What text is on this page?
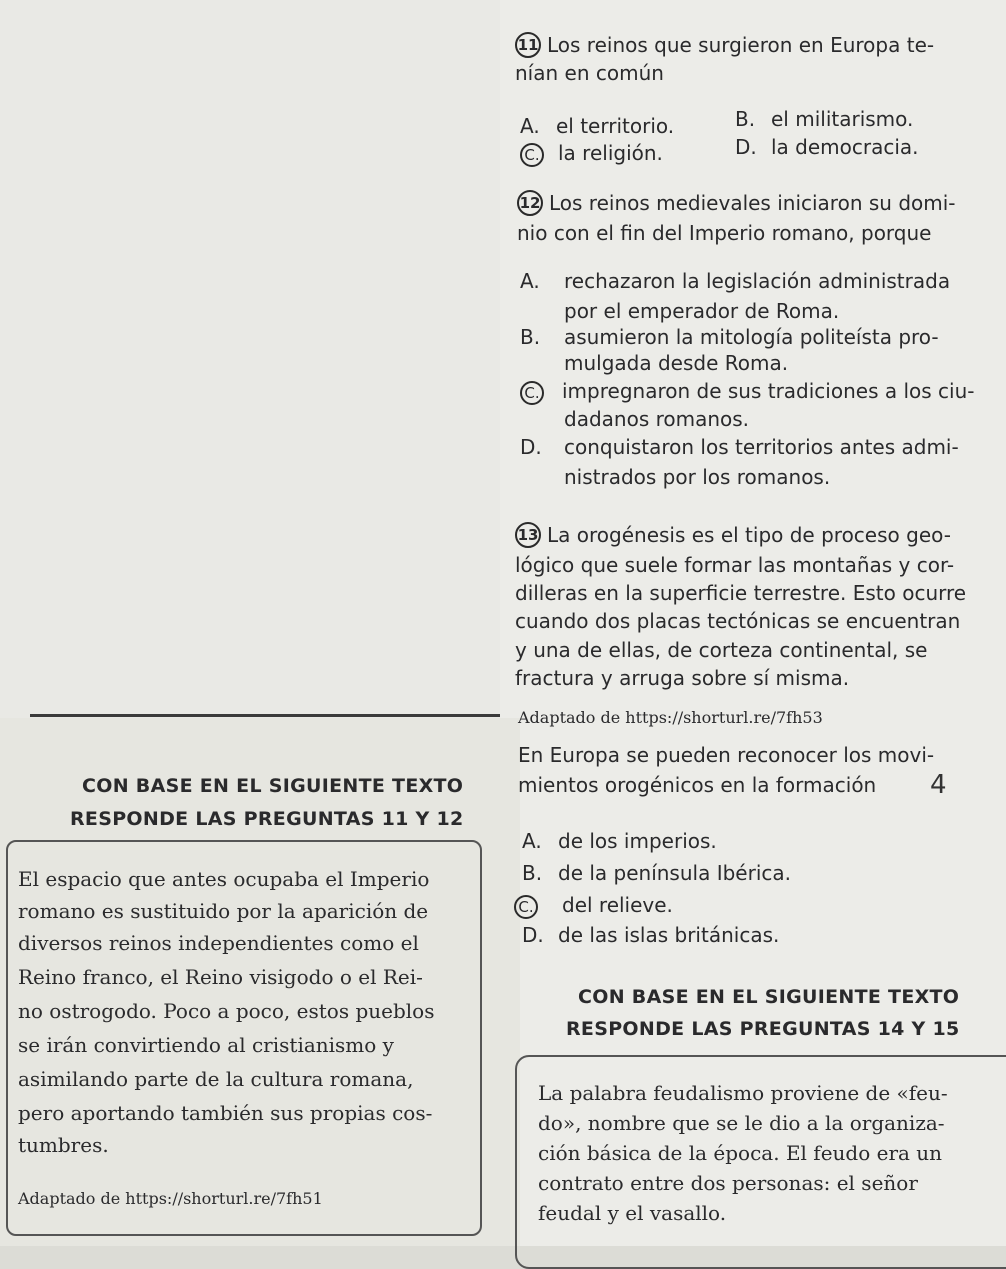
11 Los reinos que surgieron en Europa te-
nían en común
A. el territorio.	B. el militarismo.
C. la religión.	D. la democracia.
12 Los reinos medievales iniciaron su domi-
nio con el fin del Imperio romano, porque
A. rechazaron la legislación administrada
por el emperador de Roma.
B. asumieron la mitología politeísta pro-
mulgada desde Roma.
C. impregnaron de sus tradiciones a los ciu-
dadanos romanos.
D. conquistaron los territorios antes admi-
nistrados por los romanos.
13 La orogénesis es el tipo de proceso geo-
lógico que suele formar las montañas y cor-
dilleras en la superficie terrestre. Esto ocurre
cuando dos placas tectónicas se encuentran
y una de ellas, de corteza continental, se
fractura y arruga sobre sí misma.
Adaptado de https://shorturl.re/7fh53
En Europa se pueden reconocer los movi-
mientos orogénicos en la formación 4
A. de los imperios.
B. de la península Ibérica.
C. del relieve.
D. de las islas británicas.
CON BASE EN EL SIGUIENTE TEXTO
RESPONDE LAS PREGUNTAS 11 Y 12
El espacio que antes ocupaba el Imperio
romano es sustituido por la aparición de
diversos reinos independientes como el
Reino franco, el Reino visigodo o el Rei-
no ostrogodo. Poco a poco, estos pueblos
se irán convirtiendo al cristianismo y
asimilando parte de la cultura romana,
pero aportando también sus propias cos-
tumbres.
Adaptado de https://shorturl.re/7fh51
CON BASE EN EL SIGUIENTE TEXTO
RESPONDE LAS PREGUNTAS 14 Y 15
La palabra feudalismo proviene de «feu-
do», nombre que se le dio a la organiza-
ción básica de la época. El feudo era un
contrato entre dos personas: el señor
feudal y el vasallo.
